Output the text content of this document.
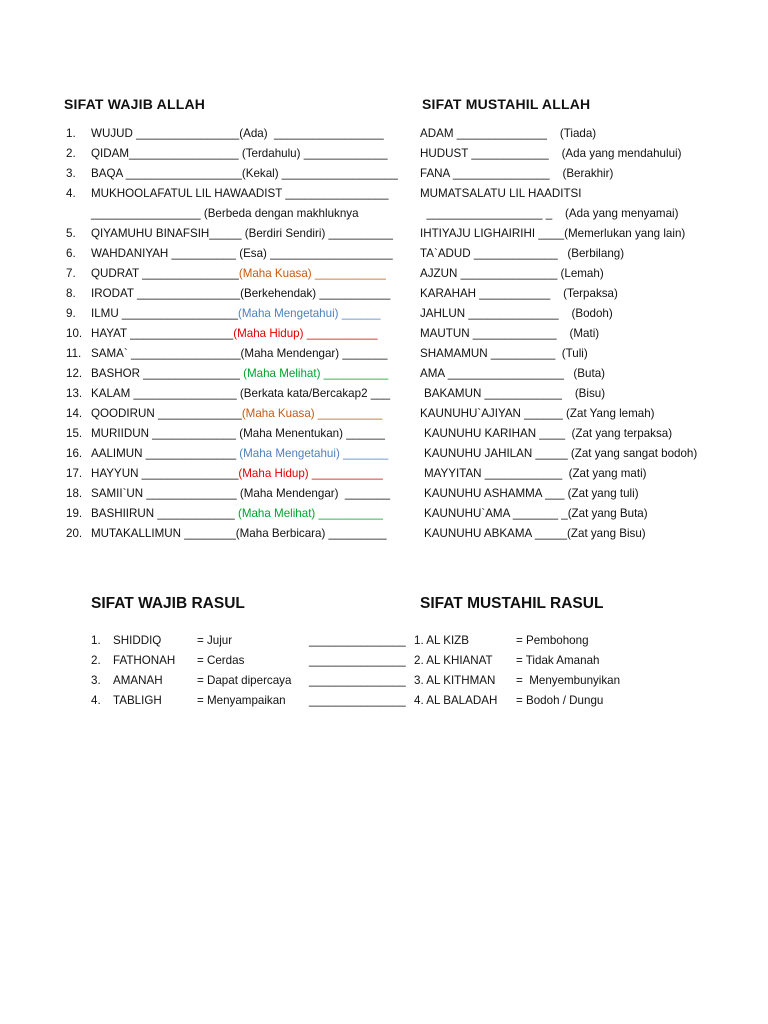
SIFAT WAJIB ALLAH	SIFAT MUSTAHIL ALLAH
1.	WUJUD ________________(Ada)  _________________	ADAM ______________    (Tiada)
2.	QIDAM_________________ (Terdahulu) _____________	HUDUST ____________    (Ada yang mendahului)
3.	BAQA __________________(Kekal) __________________ FANA _______________    (Berakhir)
4.	MUKHOOLAFATUL LIL HAWAADIST ________________	MUMATSALATU LIL HAADITSI
_________________ (Berbeda dengan makhluknya	__________________ _    (Ada yang menyamai)
5.	QIYAMUHU BINAFSIH_____ (Berdiri Sendiri) __________ IHTIYAJU LIGHAIRIHI ____(Memerlukan yang lain)
6.	WAHDANIYAH __________ (Esa) ___________________ TA`ADUD _____________   (Berbilang)
7.	QUDRAT _______________(Maha Kuasa) ___________	AJZUN _______________ (Lemah)
8.	IRODAT ________________(Berkehendak) ___________	KARAHAH ___________    (Terpaksa)
9.	ILMU __________________(Maha Mengetahui) ______	JAHLUN ______________    (Bodoh)
10. HAYAT ________________(Maha Hidup) ___________	MAUTUN _____________    (Mati)
11. SAMA` _________________(Maha Mendengar) _______	SHAMAMUN __________  (Tuli)
12. BASHOR _______________ (Maha Melihat) __________	AMA __________________   (Buta)
13. KALAM ________________ (Berkata kata/Bercakap2 ___	BAKAMUN ____________    (Bisu)
14. QOODIRUN _____________(Maha Kuasa) __________	KAUNUHU`AJIYAN ______ (Zat Yang lemah)
15. MURIIDUN _____________ (Maha Menentukan) ______	KAUNUHU KARIHAN ____  (Zat yang terpaksa)
16. AALIMUN ______________ (Maha Mengetahui) _______	KAUNUHU JAHILAN _____ (Zat yang sangat bodoh)
17. HAYYUN _______________(Maha Hidup) ___________	MAYYITAN ____________  (Zat yang mati)
18. SAMII`UN ______________ (Maha Mendengar)  _______	KAUNUHU ASHAMMA ___ (Zat yang tuli)
19. BASHIIRUN ____________ (Maha Melihat) __________	KAUNUHU`AMA _______ _(Zat yang Buta)
20. MUTAKALLIMUN ________(Maha Berbicara) _________	KAUNUHU ABKAMA _____(Zat yang Bisu)
SIFAT WAJIB RASUL	SIFAT MUSTAHIL RASUL
1. SHIDDIQ	= Jujur	_______________ 1. AL KIZB	= Pembohong
2. FATHONAH = Cerdas	_______________ 2. AL KHIANAT = Tidak Amanah
3. AMANAH	= Dapat dipercaya _______________ 3. AL KITHMAN =  Menyembunyikan
4. TABLIGH	= Menyampaikan _______________ 4. AL BALADAH = Bodoh / Dungu
